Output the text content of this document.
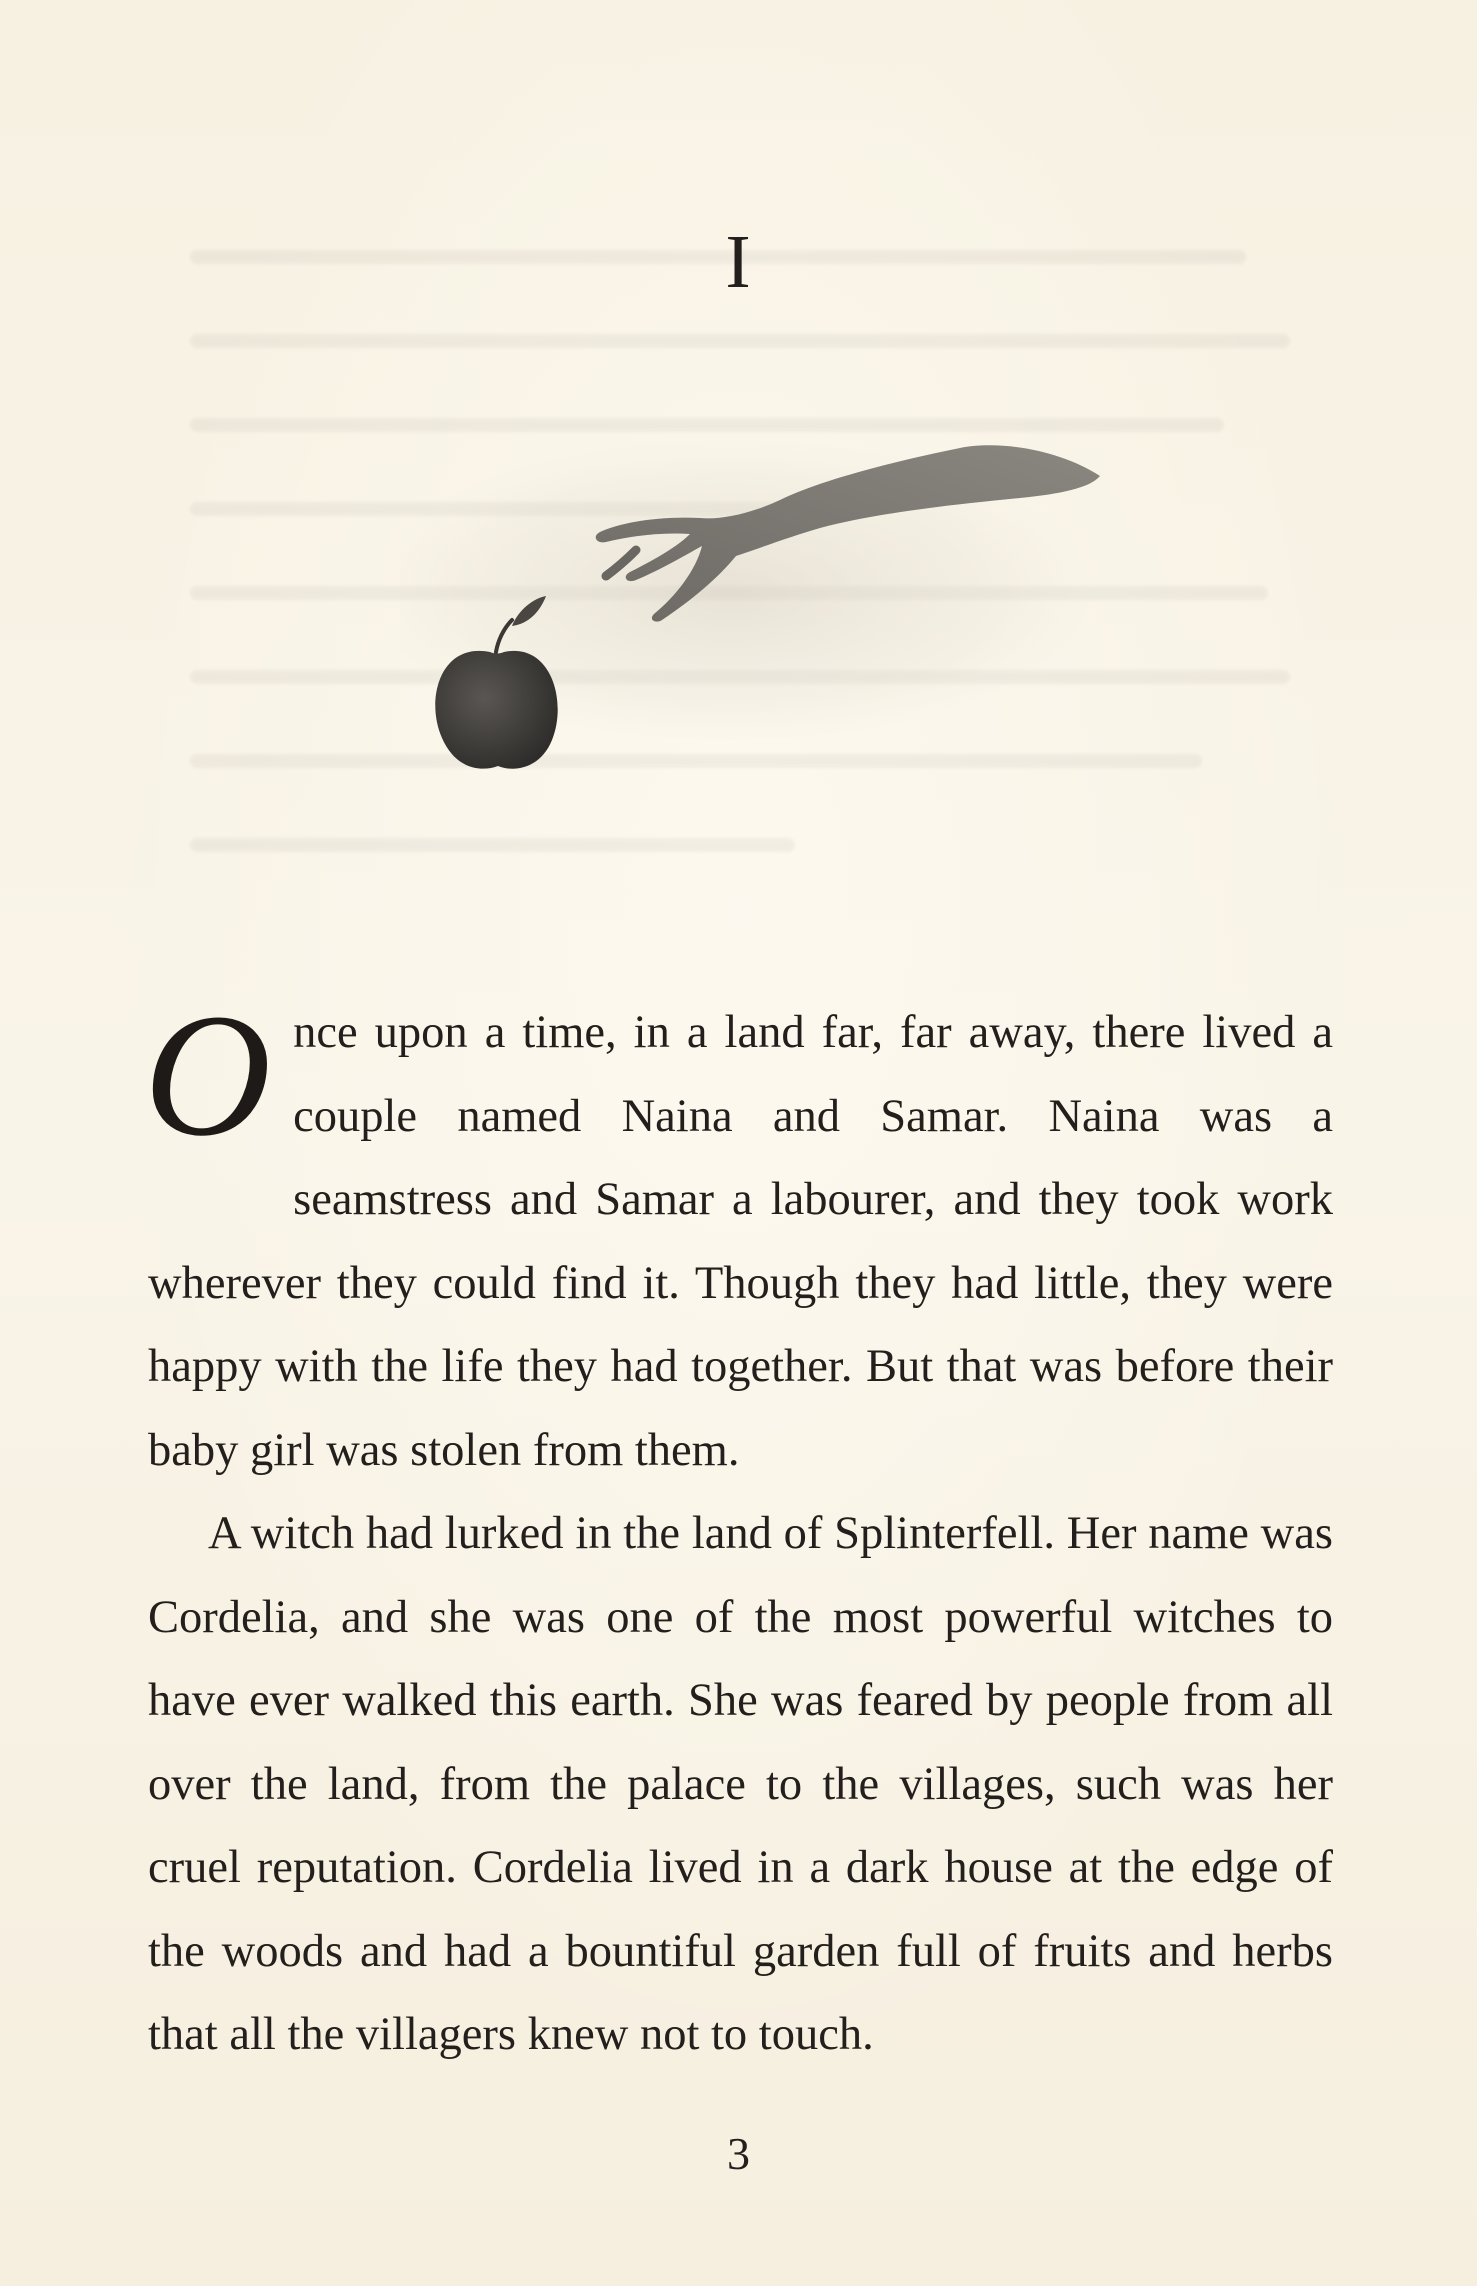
I

Once upon a time, in a land far, far away, there lived a couple named Naina and Samar. Naina was a seamstress and Samar a labourer, and they took work wherever they could find it. Though they had little, they were happy with the life they had together. But that was before their baby girl was stolen from them.

A witch had lurked in the land of Splinterfell. Her name was Cordelia, and she was one of the most powerful witches to have ever walked this earth. She was feared by people from all over the land, from the palace to the villages, such was her cruel reputation. Cordelia lived in a dark house at the edge of the woods and had a bountiful garden full of fruits and herbs that all the villagers knew not to touch.

3
